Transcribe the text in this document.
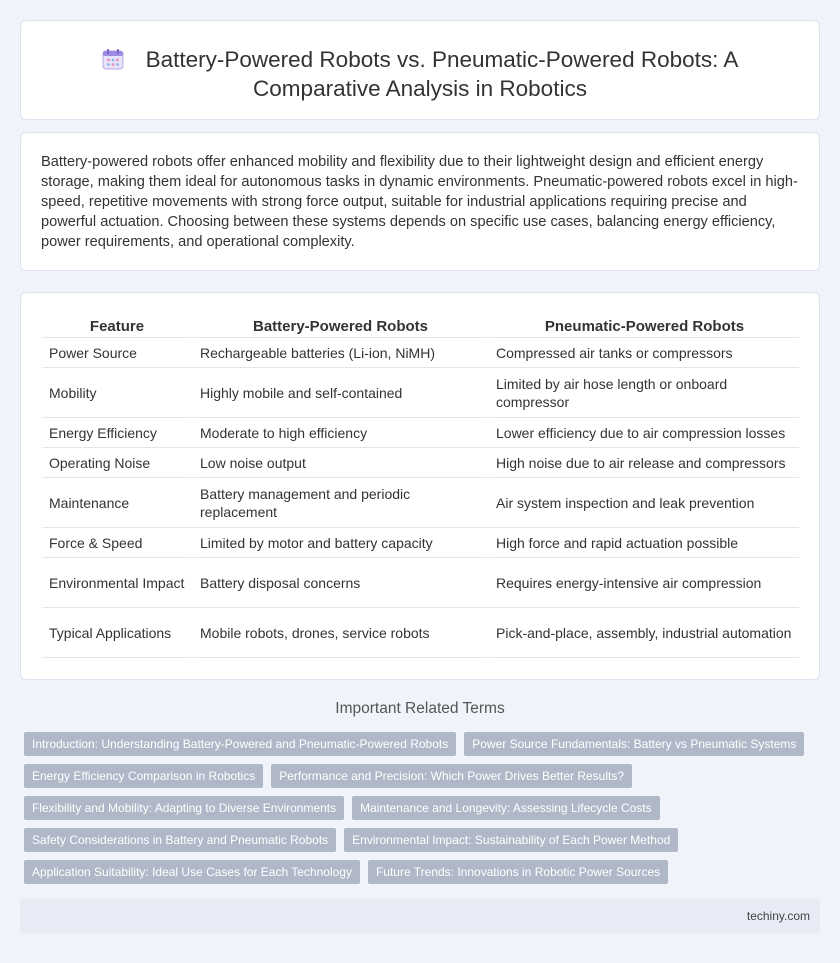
Battery-Powered Robots vs. Pneumatic-Powered Robots: A
Comparative Analysis in Robotics

Battery-powered robots offer enhanced mobility and flexibility due to their lightweight design and efficient energy storage, making them ideal for autonomous tasks in dynamic environments. Pneumatic-powered robots excel in high-speed, repetitive movements with strong force output, suitable for industrial applications requiring precise and powerful actuation. Choosing between these systems depends on specific use cases, balancing energy efficiency, power requirements, and operational complexity.

Feature	Battery-Powered Robots	Pneumatic-Powered Robots
Power Source	Rechargeable batteries (Li-ion, NiMH)	Compressed air tanks or compressors
Mobility	Highly mobile and self-contained	Limited by air hose length or onboard compressor
Energy Efficiency	Moderate to high efficiency	Lower efficiency due to air compression losses
Operating Noise	Low noise output	High noise due to air release and compressors
Maintenance	Battery management and periodic replacement	Air system inspection and leak prevention
Force & Speed	Limited by motor and battery capacity	High force and rapid actuation possible
Environmental Impact	Battery disposal concerns	Requires energy-intensive air compression
Typical Applications	Mobile robots, drones, service robots	Pick-and-place, assembly, industrial automation
Important Related Terms
Introduction: Understanding Battery-Powered and Pneumatic-Powered Robots	Power Source Fundamentals: Battery vs Pneumatic Systems
Energy Efficiency Comparison in Robotics	Performance and Precision: Which Power Drives Better Results?
Flexibility and Mobility: Adapting to Diverse Environments	Maintenance and Longevity: Assessing Lifecycle Costs
Safety Considerations in Battery and Pneumatic Robots	Environmental Impact: Sustainability of Each Power Method
Application Suitability: Ideal Use Cases for Each Technology	Future Trends: Innovations in Robotic Power Sources
techiny.com
